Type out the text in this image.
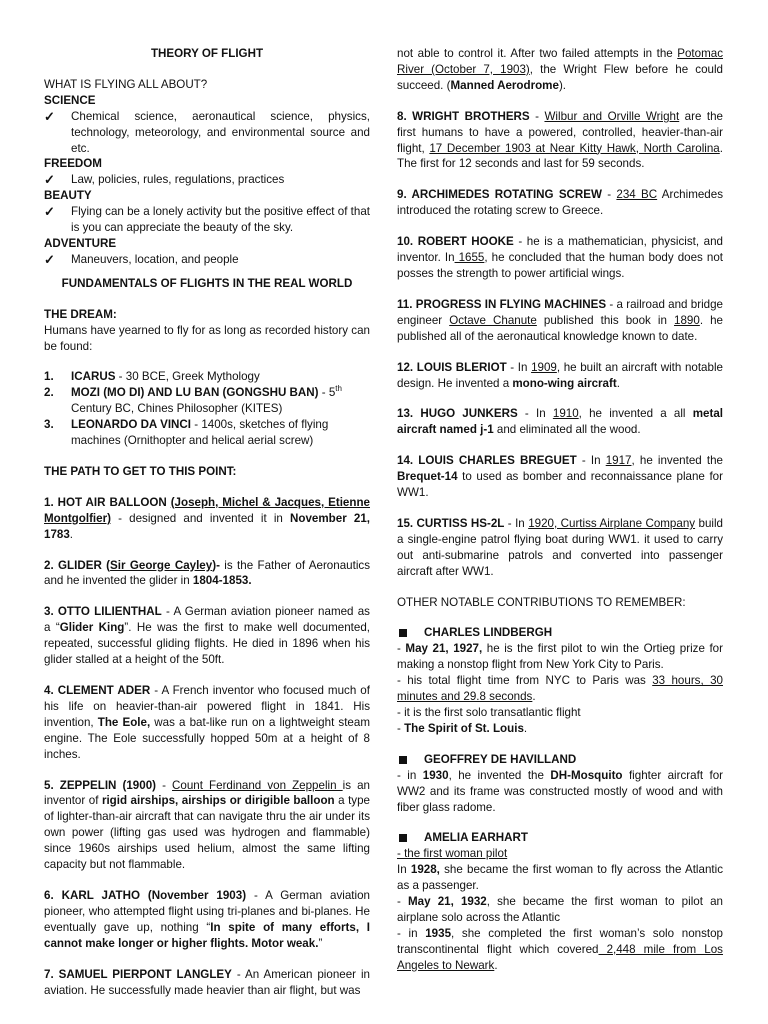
THEORY OF FLIGHT

WHAT IS FLYING ALL ABOUT?

SCIENCE

✓	Chemical science, aeronautical science, physics, technology, meteorology, and environmental source and etc.

FREEDOM

✓	Law, policies, rules, regulations, practices

BEAUTY

✓	Flying can be a lonely activity but the positive effect of that is you can appreciate the beauty of the sky.

ADVENTURE

✓	Maneuvers, location, and people

FUNDAMENTALS OF FLIGHTS IN THE REAL WORLD

THE DREAM:

Humans have yearned to fly for as long as recorded history can be found:

1.	ICARUS - 30 BCE, Greek Mythology
2.	MOZI (MO DI) AND LU BAN (GONGSHU BAN) - 5th Century BC, Chines Philosopher (KITES)
3.	LEONARDO DA VINCI - 1400s, sketches of flying machines (Ornithopter and helical aerial screw)

THE PATH TO GET TO THIS POINT:

1. HOT AIR BALLOON (Joseph, Michel & Jacques, Etienne Montgolfier) - designed and invented it in November 21, 1783.

2. GLIDER (Sir George Cayley)- is the Father of Aeronautics and he invented the glider in 1804-1853.

3. OTTO LILIENTHAL - A German aviation pioneer named as a “Glider King”. He was the first to make well documented, repeated, successful gliding flights. He died in 1896 when his glider stalled at a height of the 50ft.

4. CLEMENT ADER - A French inventor who focused much of his life on heavier-than-air powered flight in 1841. His invention, The Eole, was a bat-like run on a lightweight steam engine. The Eole successfully hopped 50m at a height of 8 inches.

5. ZEPPELIN (1900) - Count Ferdinand von Zeppelin is an inventor of rigid airships, airships or dirigible balloon a type of lighter-than-air aircraft that can navigate thru the air under its own power (lifting gas used was hydrogen and flammable) since 1960s airships used helium, almost the same lifting capacity but not flammable.

6. KARL JATHO (November 1903) - A German aviation pioneer, who attempted flight using tri-planes and bi-planes. He eventually gave up, nothing “In spite of many efforts, I cannot make longer or higher flights. Motor weak.”

7. SAMUEL PIERPONT LANGLEY - An American pioneer in aviation. He successfully made heavier than air flight, but was

not able to control it. After two failed attempts in the Potomac River (October 7, 1903), the Wright Flew before he could succeed. (Manned Aerodrome).

8. WRIGHT BROTHERS - Wilbur and Orville Wright are the first humans to have a powered, controlled, heavier-than-air flight, 17 December 1903 at Near Kitty Hawk, North Carolina. The first for 12 seconds and last for 59 seconds.

9. ARCHIMEDES ROTATING SCREW - 234 BC Archimedes introduced the rotating screw to Greece.

10. ROBERT HOOKE - he is a mathematician, physicist, and inventor. In 1655, he concluded that the human body does not posses the strength to power artificial wings.

11. PROGRESS IN FLYING MACHINES - a railroad and bridge engineer Octave Chanute published this book in 1890. he published all of the aeronautical knowledge known to date.

12. LOUIS BLERIOT - In 1909, he built an aircraft with notable design. He invented a mono-wing aircraft.

13. HUGO JUNKERS - In 1910, he invented a all metal aircraft named j-1 and eliminated all the wood.

14. LOUIS CHARLES BREGUET - In 1917, he invented the Brequet-14 to used as bomber and reconnaissance plane for WW1.

15. CURTISS HS-2L - In 1920, Curtiss Airplane Company build a single-engine patrol flying boat during WW1. it used to carry out anti-submarine patrols and converted into passenger aircraft after WW1.

OTHER NOTABLE CONTRIBUTIONS TO REMEMBER:

CHARLES LINDBERGH

- May 21, 1927, he is the first pilot to win the Ortieg prize for making a nonstop flight from New York City to Paris.

- his total flight time from NYC to Paris was 33 hours, 30 minutes and 29.8 seconds.

- it is the first solo transatlantic flight

- The Spirit of St. Louis.

GEOFFREY DE HAVILLAND

- in 1930, he invented the DH-Mosquito fighter aircraft for WW2 and its frame was constructed mostly of wood and with fiber glass radome.

AMELIA EARHART

- the first woman pilot

In 1928, she became the first woman to fly across the Atlantic as a passenger.

- May 21, 1932, she became the first woman to pilot an airplane solo across the Atlantic

- in 1935, she completed the first woman’s solo nonstop transcontinental flight which covered 2,448 mile from Los Angeles to Newark.
